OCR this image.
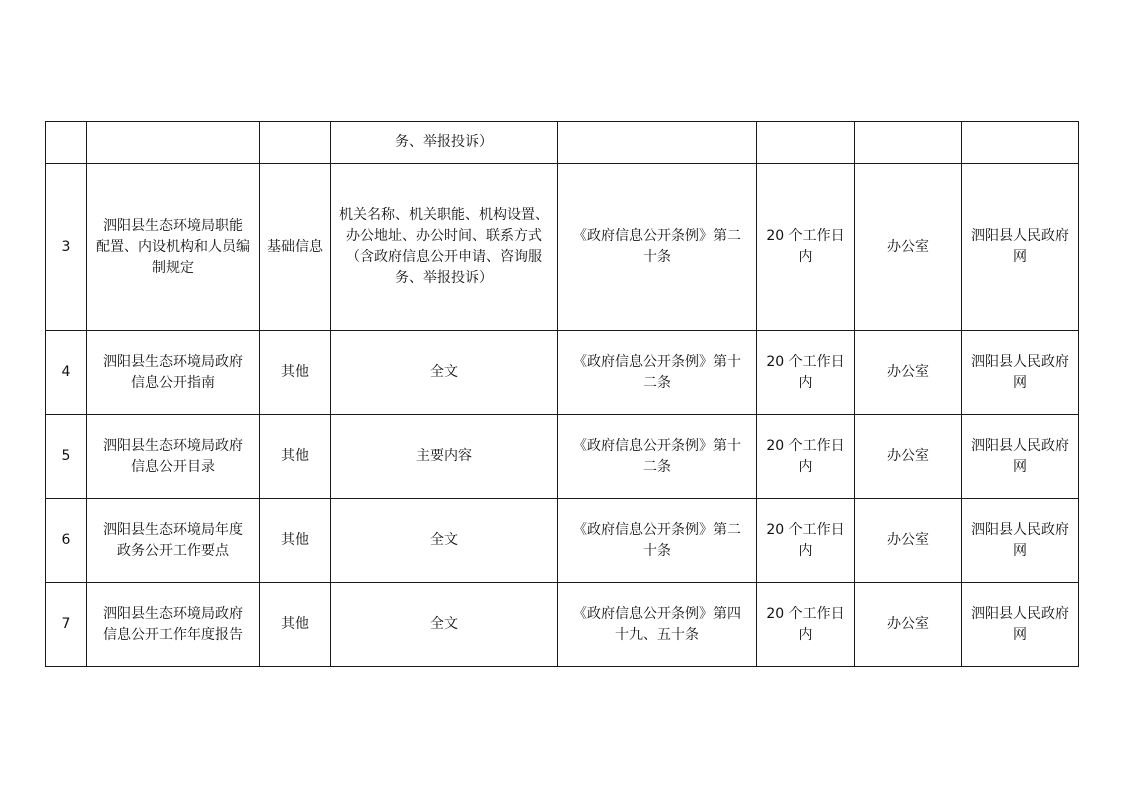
			务、举报投诉）				

3	泗阳县生态环境局职能
配置、内设机构和人员编
制规定	基础信息	机关名称、机关职能、机构设置、
办公地址、办公时间、联系方式
（含政府信息公开申请、咨询服
务、举报投诉）	《政府信息公开条例》第二
十条	20 个工作日
内	办公室	泗阳县人民政府
网

4	泗阳县生态环境局政府
信息公开指南	其他	全文	《政府信息公开条例》第十
二条	20 个工作日
内	办公室	泗阳县人民政府
网

5	泗阳县生态环境局政府
信息公开目录	其他	主要内容	《政府信息公开条例》第十
二条	20 个工作日
内	办公室	泗阳县人民政府
网

6	泗阳县生态环境局年度
政务公开工作要点	其他	全文	《政府信息公开条例》第二
十条	20 个工作日
内	办公室	泗阳县人民政府
网

7	泗阳县生态环境局政府
信息公开工作年度报告	其他	全文	《政府信息公开条例》第四
十九、五十条	20 个工作日
内	办公室	泗阳县人民政府
网
